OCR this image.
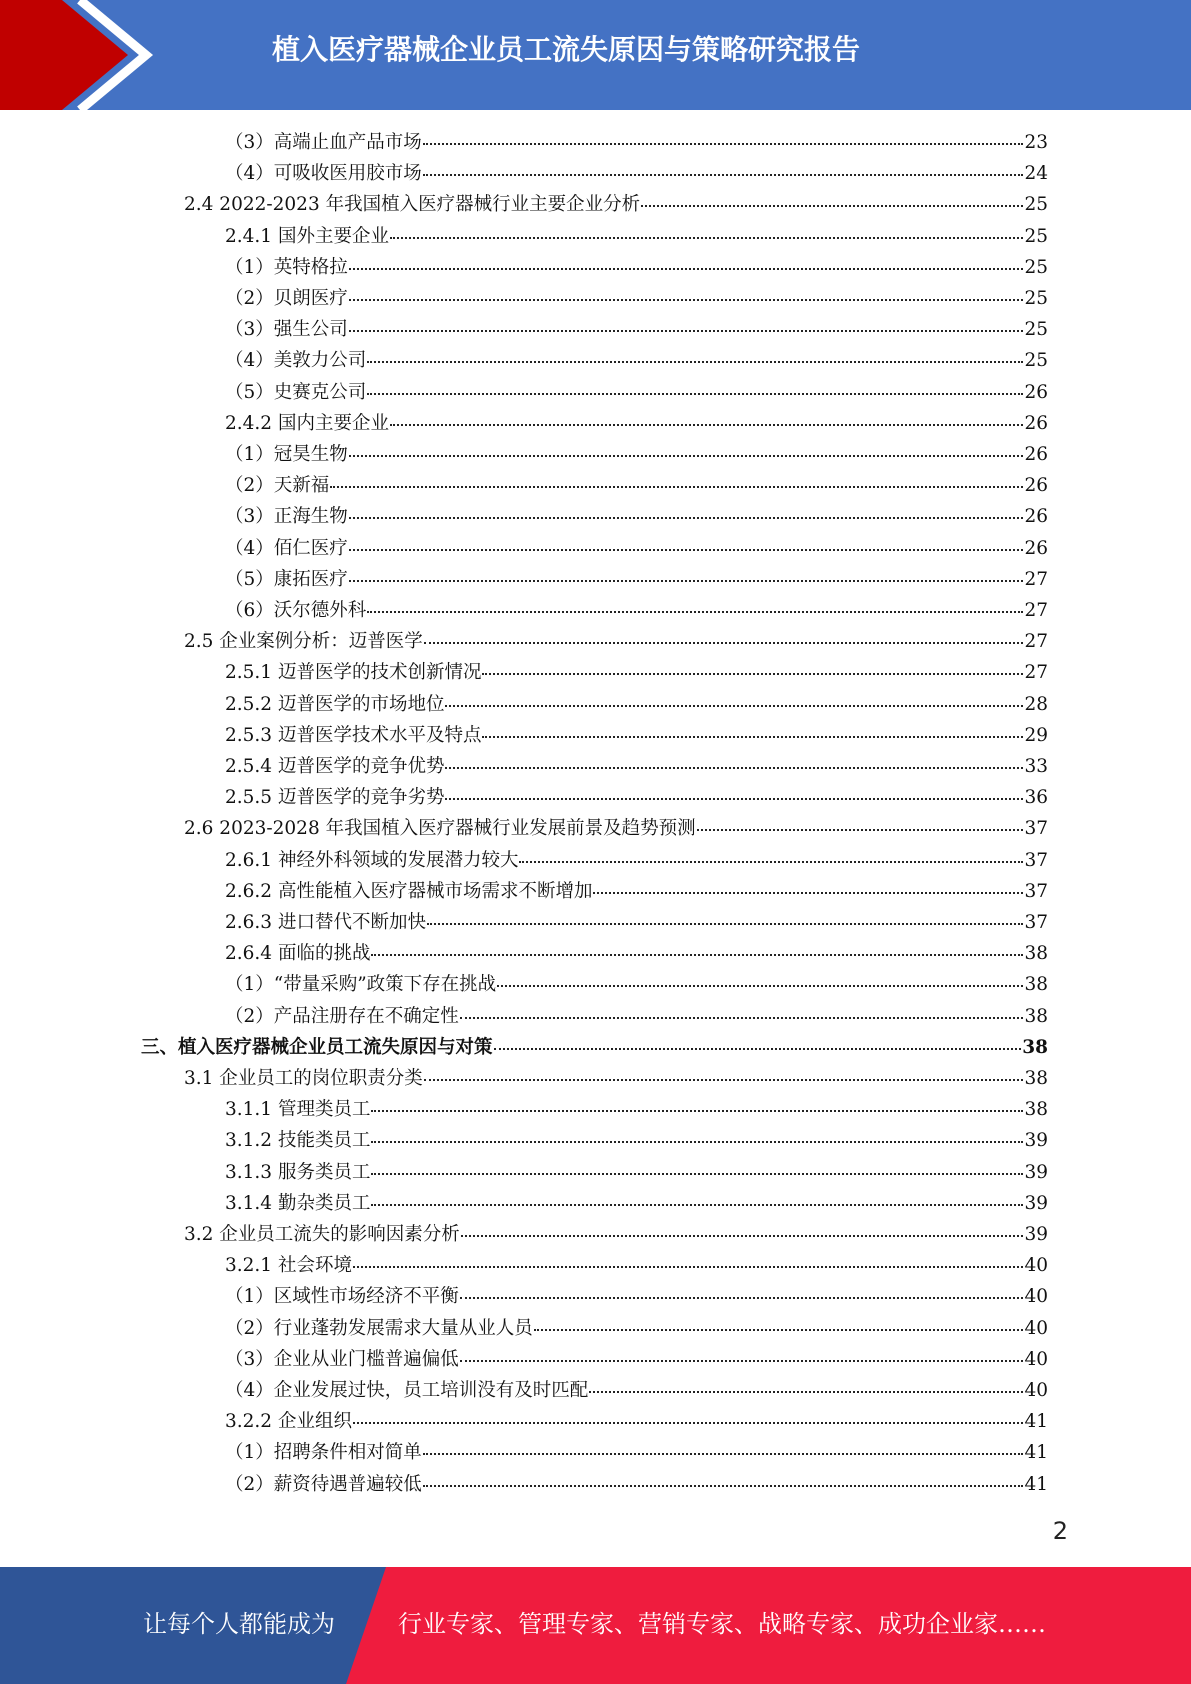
植入医疗器械企业员工流失原因与策略研究报告
（3）高端止血产品市场	23
（4）可吸收医用胶市场	24
2.4 2022-2023 年我国植入医疗器械行业主要企业分析	25
2.4.1 国外主要企业	25
（1）英特格拉	25
（2）贝朗医疗	25
（3）强生公司	25
（4）美敦力公司	25
（5）史赛克公司	26
2.4.2 国内主要企业	26
（1）冠昊生物	26
（2）天新福	26
（3）正海生物	26
（4）佰仁医疗	26
（5）康拓医疗	27
（6）沃尔德外科	27
2.5 企业案例分析：迈普医学	27
2.5.1 迈普医学的技术创新情况	27
2.5.2 迈普医学的市场地位	28
2.5.3 迈普医学技术水平及特点	29
2.5.4 迈普医学的竞争优势	33
2.5.5 迈普医学的竞争劣势	36
2.6 2023-2028 年我国植入医疗器械行业发展前景及趋势预测	37
2.6.1 神经外科领域的发展潜力较大	37
2.6.2 高性能植入医疗器械市场需求不断增加	37
2.6.3 进口替代不断加快	37
2.6.4 面临的挑战	38
（1）“带量采购”政策下存在挑战	38
（2）产品注册存在不确定性	38
三、植入医疗器械企业员工流失原因与对策	38
3.1 企业员工的岗位职责分类	38
3.1.1 管理类员工	38
3.1.2 技能类员工	39
3.1.3 服务类员工	39
3.1.4 勤杂类员工	39
3.2 企业员工流失的影响因素分析	39
3.2.1 社会环境	40
（1）区域性市场经济不平衡	40
（2）行业蓬勃发展需求大量从业人员	40
（3）企业从业门槛普遍偏低	40
（4）企业发展过快，员工培训没有及时匹配	40
3.2.2 企业组织	41
（1）招聘条件相对简单	41
（2）薪资待遇普遍较低	41
2
让每个人都能成为	行业专家、管理专家、营销专家、战略专家、成功企业家……
